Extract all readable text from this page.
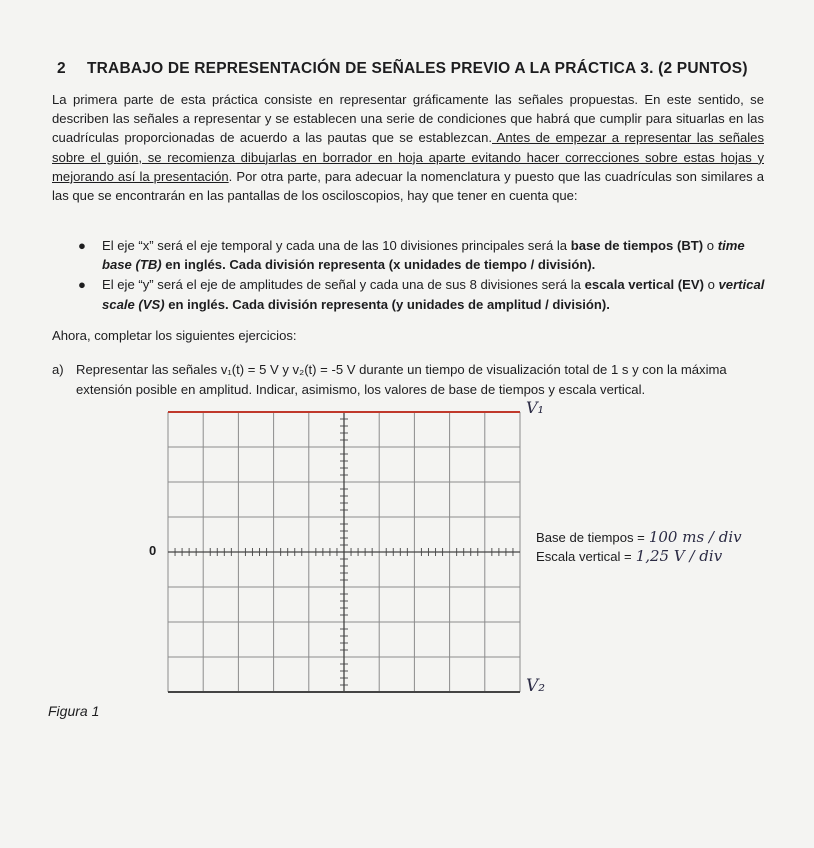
2 TRABAJO DE REPRESENTACIÓN DE SEÑALES PREVIO A LA PRÁCTICA 3. (2 PUNTOS)
La primera parte de esta práctica consiste en representar gráficamente las señales propuestas. En este sentido, se describen las señales a representar y se establecen una serie de condiciones que habrá que cumplir para situarlas en las cuadrículas proporcionadas de acuerdo a las pautas que se establezcan. Antes de empezar a representar las señales sobre el guión, se recomienza dibujarlas en borrador en hoja aparte evitando hacer correcciones sobre estas hojas y mejorando así la presentación. Por otra parte, para adecuar la nomenclatura y puesto que las cuadrículas son similares a las que se encontrarán en las pantallas de los osciloscopios, hay que tener en cuenta que:
● El eje “x” será el eje temporal y cada una de las 10 divisiones principales será la base de tiempos (BT) o time base (TB) en inglés. Cada división representa (x unidades de tiempo / división).
● El eje “y” será el eje de amplitudes de señal y cada una de sus 8 divisiones será la escala vertical (EV) o vertical scale (VS) en inglés. Cada división representa (y unidades de amplitud / división).
Ahora, completar los siguientes ejercicios:
a) Representar las señales v₁(t) = 5 V y v₂(t) = -5 V durante un tiempo de visualización total de 1 s y con la máxima
extensión posible en amplitud. Indicar, asimismo, los valores de base de tiempos y escala vertical.
0
V₁
V₂
Base de tiempos = 100 ms / div
Escala vertical = 1,25 V / div
Figura 1
